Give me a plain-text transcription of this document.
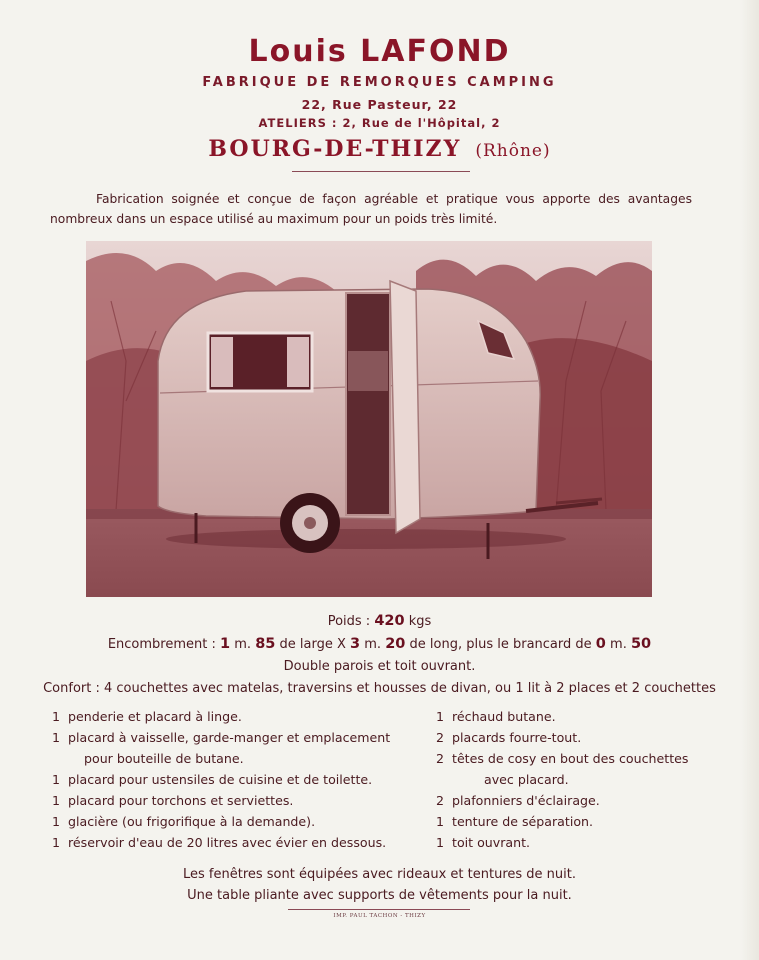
Louis LAFOND
FABRIQUE DE REMORQUES CAMPING
22, Rue Pasteur, 22
ATELIERS : 2, Rue de l'Hôpital, 2
BOURG-DE-THIZY (Rhône)

Fabrication soignée et conçue de façon agréable et pratique vous apporte des avantages nombreux dans un espace utilisé au maximum pour un poids très limité.

Poids : 420 kgs
Encombrement : 1 m. 85 de large X 3 m. 20 de long, plus le brancard de 0 m. 50
Double parois et toit ouvrant.
Confort : 4 couchettes avec matelas, traversins et housses de divan, ou 1 lit à 2 places et 2 couchettes
1 penderie et placard à linge.
1 placard à vaisselle, garde-manger et emplacement
pour bouteille de butane.
1 placard pour ustensiles de cuisine et de toilette.
1 placard pour torchons et serviettes.
1 glacière (ou frigorifique à la demande).
1 réservoir d'eau de 20 litres avec évier en dessous.
1 réchaud butane.
2 placards fourre-tout.
2 têtes de cosy en bout des couchettes
avec placard.
2 plafonniers d'éclairage.
1 tenture de séparation.
1 toit ouvrant.
Les fenêtres sont équipées avec rideaux et tentures de nuit.
Une table pliante avec supports de vêtements pour la nuit.
IMP. PAUL TACHON - THIZY
